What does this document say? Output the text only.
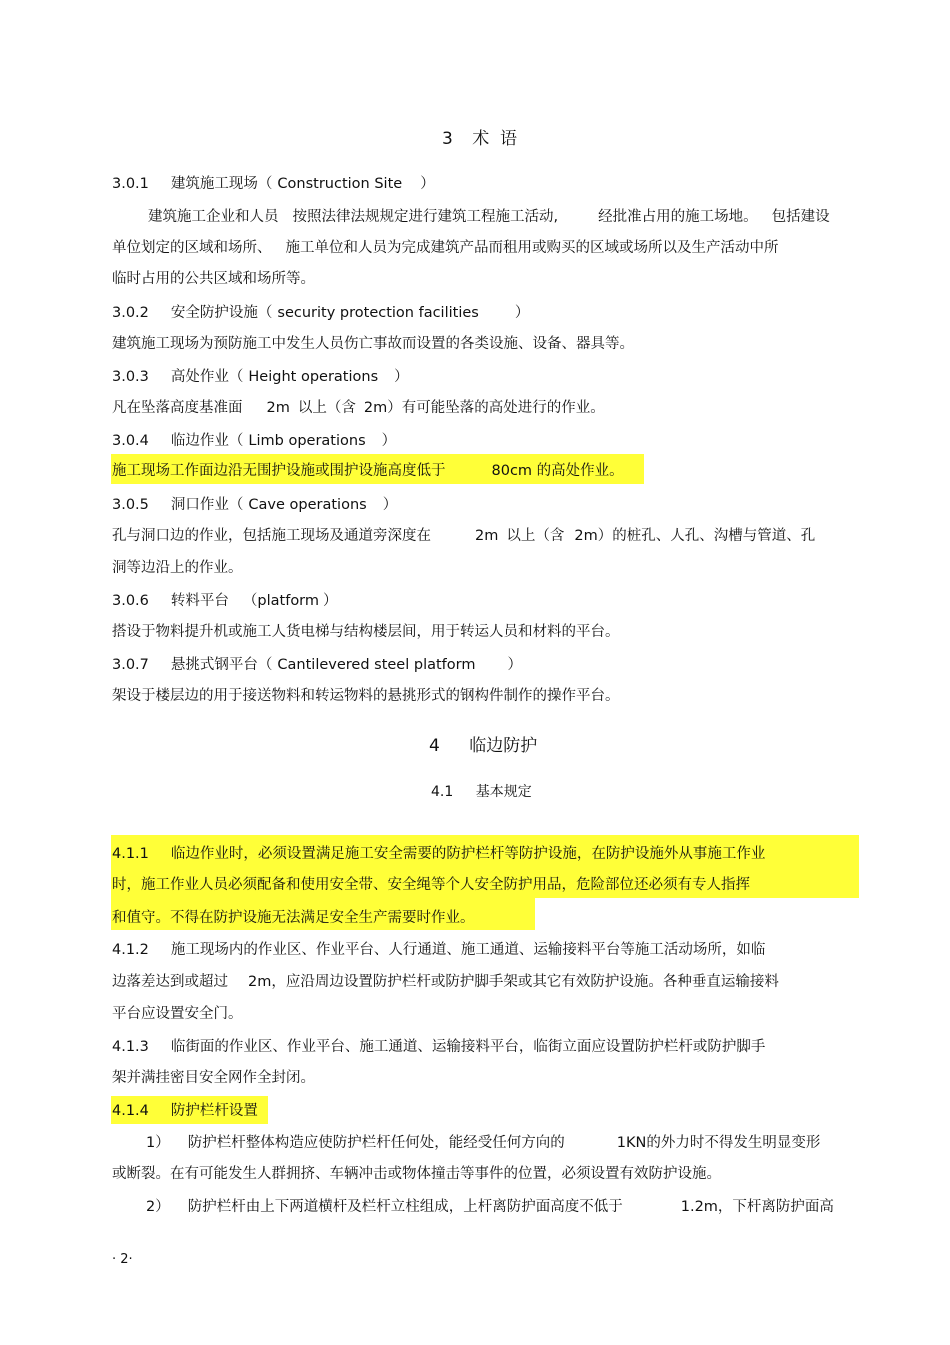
3 术  语
3.0.1 建筑施工现场（ Construction Site ）
建筑施工企业和人员 按照法律法规规定进行建筑工程施工活动,	经批准占用的施工场地。 包括建设
单位划定的区域和场所、 施工单位和人员为完成建筑产品而租用或购买的区域或场所以及生产活动中所
临时占用的公共区域和场所等。
3.0.2 安全防护设施（ security protection facilities ）
建筑施工现场为预防施工中发生人员伤亡事故而设置的各类设施、设备、器具等。
3.0.3 高处作业（ Height operations ）
凡在坠落高度基准面 2m 以上（含 2m）有可能坠落的高处进行的作业。
3.0.4 临边作业（ Limb operations ）
施工现场工作面边沿无围护设施或围护设施高度低于	80cm 的高处作业。
3.0.5 洞口作业（ Cave operations ）
孔与洞口边的作业，包括施工现场及通道旁深度在	2m 以上（含 2m）的桩孔、人孔、沟槽与管道、孔
洞等边沿上的作业。
3.0.6 转料平台 （platform ）
搭设于物料提升机或施工人货电梯与结构楼层间，用于转运人员和材料的平台。
3.0.7 悬挑式钢平台（ Cantilevered steel platform ）
架设于楼层边的用于接送物料和转运物料的悬挑形式的钢构件制作的操作平台。
4 临边防护
4.1 基本规定
4.1.1 临边作业时，必须设置满足施工安全需要的防护栏杆等防护设施，在防护设施外从事施工作业
时，施工作业人员必须配备和使用安全带、安全绳等个人安全防护用品，危险部位还必须有专人指挥
和值守。不得在防护设施无法满足安全生产需要时作业。
4.1.2 施工现场内的作业区、作业平台、人行通道、施工通道、运输接料平台等施工活动场所，如临
边落差达到或超过 2m，应沿周边设置防护栏杆或防护脚手架或其它有效防护设施。各种垂直运输接料
平台应设置安全门。
4.1.3 临街面的作业区、作业平台、施工通道、运输接料平台，临街立面应设置防护栏杆或防护脚手
架并满挂密目安全网作全封闭。
4.1.4 防护栏杆设置
1） 防护栏杆整体构造应使防护栏杆任何处，能经受任何方向的	1KN的外力时不得发生明显变形
或断裂。在有可能发生人群拥挤、车辆冲击或物体撞击等事件的位置，必须设置有效防护设施。
2） 防护栏杆由上下两道横杆及栏杆立柱组成，上杆离防护面高度不低于	1.2m，下杆离防护面高
· 2·
